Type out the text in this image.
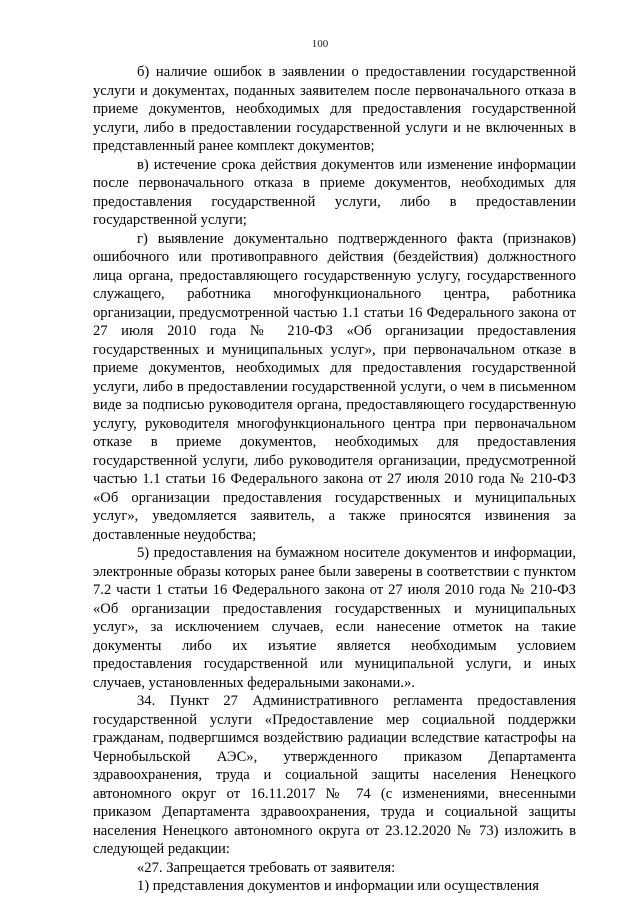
100

б) наличие ошибок в заявлении о предоставлении государственной услуги и документах, поданных заявителем после первоначального отказа в приеме документов, необходимых для предоставления государственной услуги, либо в предоставлении государственной услуги и не включенных в представленный ранее комплект документов;

в) истечение срока действия документов или изменение информации после первоначального отказа в приеме документов, необходимых для предоставления государственной услуги, либо в предоставлении государственной услуги;

г) выявление документально подтвержденного факта (признаков) ошибочного или противоправного действия (бездействия) должностного лица органа, предоставляющего государственную услугу, государственного служащего, работника многофункционального центра, работника организации, предусмотренной частью 1.1 статьи 16 Федерального закона от 27 июля 2010 года № 210-ФЗ «Об организации предоставления государственных и муниципальных услуг», при первоначальном отказе в приеме документов, необходимых для предоставления государственной услуги, либо в предоставлении государственной услуги, о чем в письменном виде за подписью руководителя органа, предоставляющего государственную услугу, руководителя многофункционального центра при первоначальном отказе в приеме документов, необходимых для предоставления государственной услуги, либо руководителя организации, предусмотренной частью 1.1 статьи 16 Федерального закона от 27 июля 2010 года № 210-ФЗ «Об организации предоставления государственных и муниципальных услуг», уведомляется заявитель, а также приносятся извинения за доставленные неудобства;

5) предоставления на бумажном носителе документов и информации, электронные образы которых ранее были заверены в соответствии с пунктом 7.2 части 1 статьи 16 Федерального закона от 27 июля 2010 года № 210-ФЗ «Об организации предоставления государственных и муниципальных услуг», за исключением случаев, если нанесение отметок на такие документы либо их изъятие является необходимым условием предоставления государственной или муниципальной услуги, и иных случаев, установленных федеральными законами.».

34. Пункт 27 Административного регламента предоставления государственной услуги «Предоставление мер социальной поддержки гражданам, подвергшимся воздействию радиации вследствие катастрофы на Чернобыльской АЭС», утвержденного приказом Департамента здравоохранения, труда и социальной защиты населения Ненецкого автономного округ от 16.11.2017 № 74 (с изменениями, внесенными приказом Департамента здравоохранения, труда и социальной защиты населения Ненецкого автономного округа от 23.12.2020 № 73) изложить в следующей редакции:

«27. Запрещается требовать от заявителя:

1) представления документов и информации или осуществления
